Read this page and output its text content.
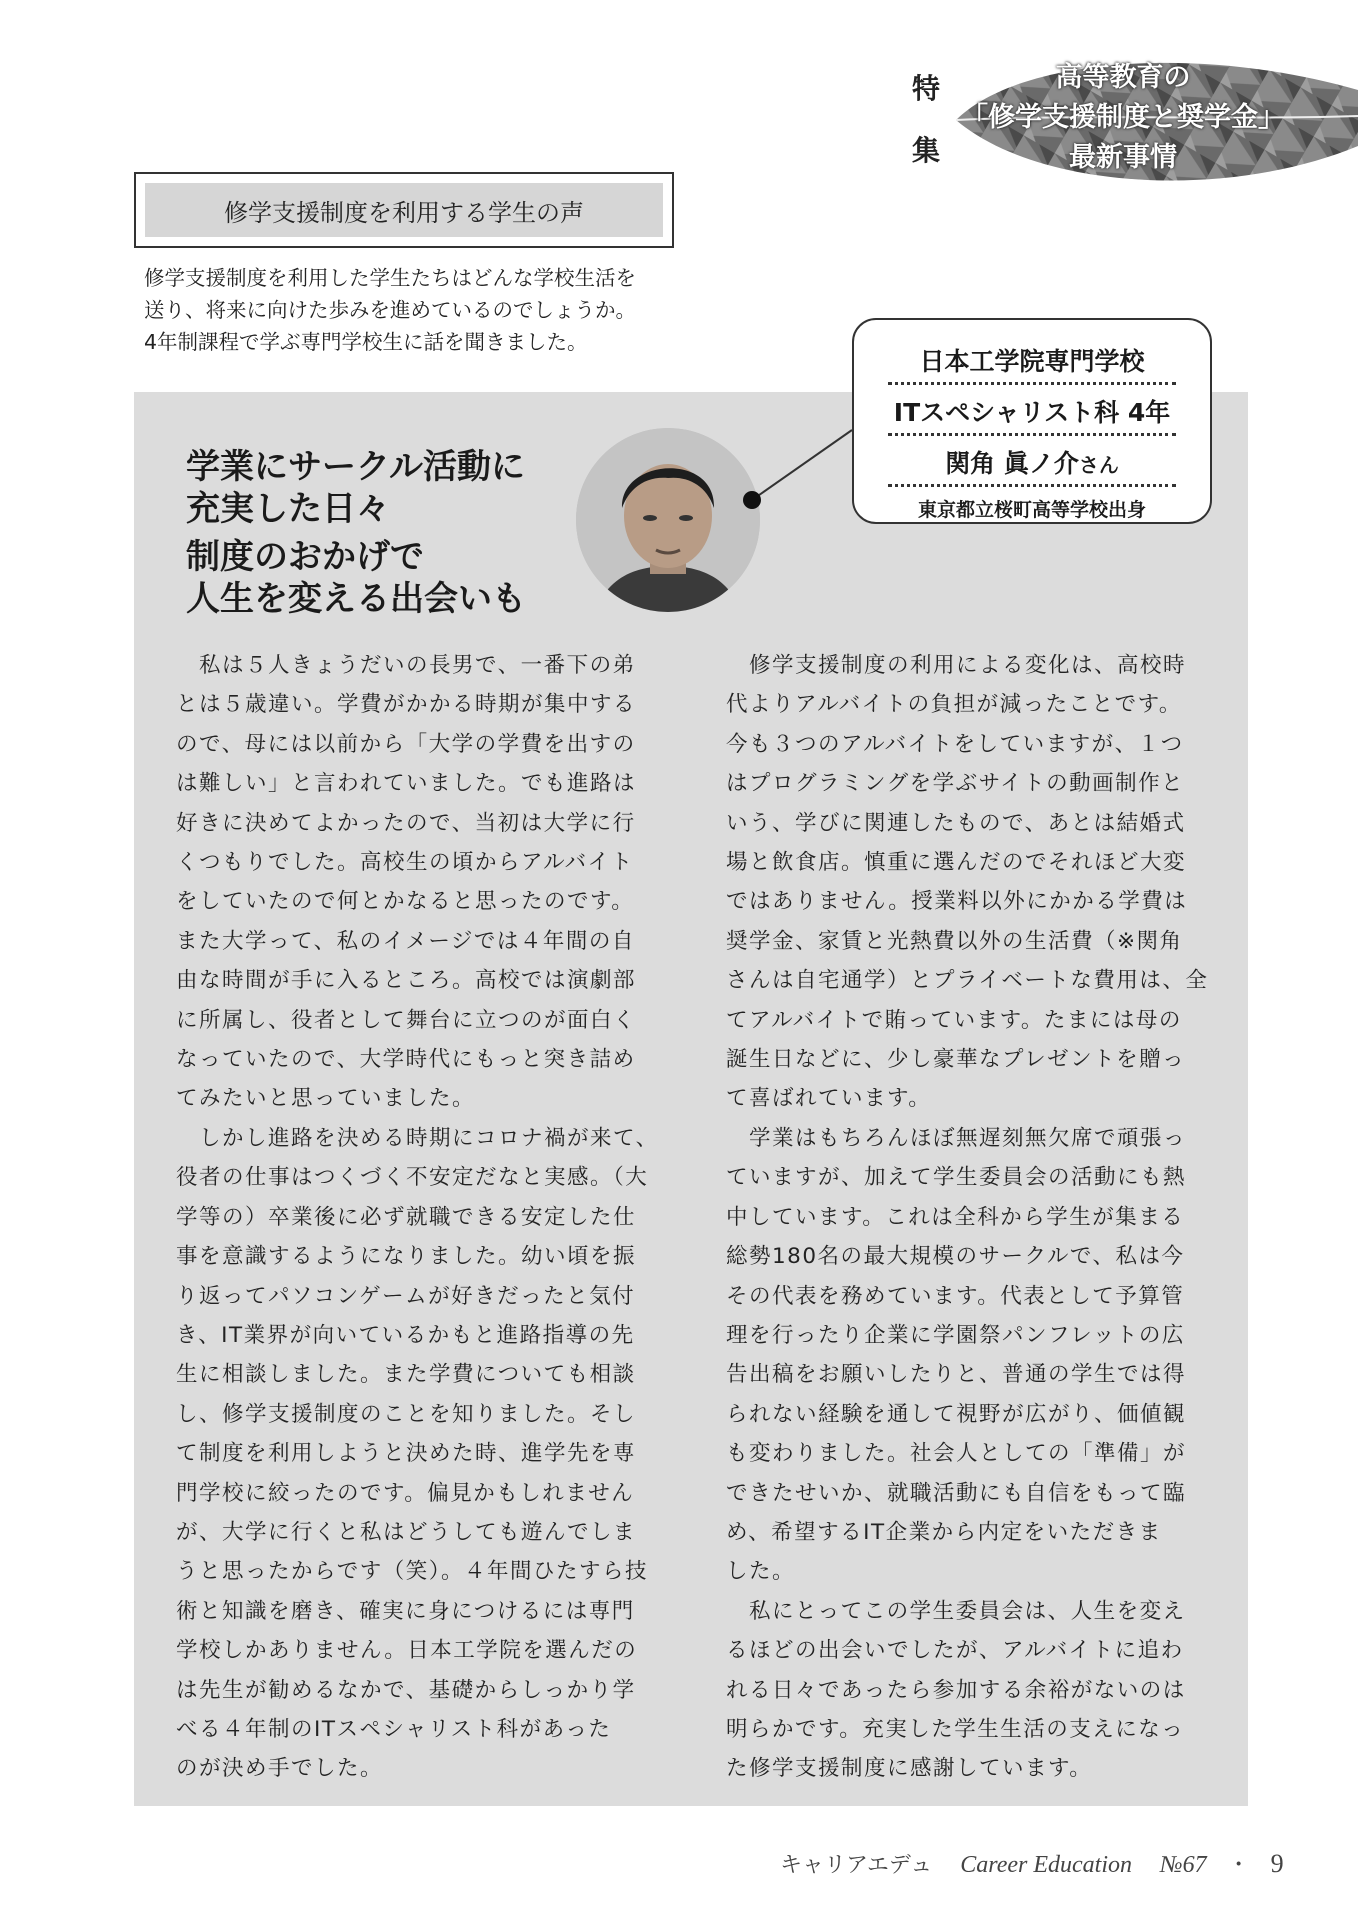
特
集
高等教育の
「修学支援制度と奨学金」
最新事情
修学支援制度を利用する学生の声
修学支援制度を利用した学生たちはどんな学校生活を
送り、将来に向けた歩みを進めているのでしょうか。
4年制課程で学ぶ専門学校生に話を聞きました。
学業にサークル活動に
充実した日々
制度のおかげで
人生を変える出会いも
日本工学院専門学校
ITスペシャリスト科 4年
関角 眞ノ介さん
東京都立桜町高等学校出身
　私は５人きょうだいの長男で、一番下の弟
とは５歳違い。学費がかかる時期が集中する
ので、母には以前から「大学の学費を出すの
は難しい」と言われていました。でも進路は
好きに決めてよかったので、当初は大学に行
くつもりでした。高校生の頃からアルバイト
をしていたので何とかなると思ったのです。
また大学って、私のイメージでは４年間の自
由な時間が手に入るところ。高校では演劇部
に所属し、役者として舞台に立つのが面白く
なっていたので、大学時代にもっと突き詰め
てみたいと思っていました。
　しかし進路を決める時期にコロナ禍が来て、
役者の仕事はつくづく不安定だなと実感。（大
学等の）卒業後に必ず就職できる安定した仕
事を意識するようになりました。幼い頃を振
り返ってパソコンゲームが好きだったと気付
き、IT業界が向いているかもと進路指導の先
生に相談しました。また学費についても相談
し、修学支援制度のことを知りました。そし
て制度を利用しようと決めた時、進学先を専
門学校に絞ったのです。偏見かもしれません
が、大学に行くと私はどうしても遊んでしま
うと思ったからです（笑）。４年間ひたすら技
術と知識を磨き、確実に身につけるには専門
学校しかありません。日本工学院を選んだの
は先生が勧めるなかで、基礎からしっかり学
べる４年制のITスペシャリスト科があった
のが決め手でした。
　修学支援制度の利用による変化は、高校時
代よりアルバイトの負担が減ったことです。
今も３つのアルバイトをしていますが、１つ
はプログラミングを学ぶサイトの動画制作と
いう、学びに関連したもので、あとは結婚式
場と飲食店。慎重に選んだのでそれほど大変
ではありません。授業料以外にかかる学費は
奨学金、家賃と光熱費以外の生活費（※関角
さんは自宅通学）とプライベートな費用は、全
てアルバイトで賄っています。たまには母の
誕生日などに、少し豪華なプレゼントを贈っ
て喜ばれています。
　学業はもちろんほぼ無遅刻無欠席で頑張っ
ていますが、加えて学生委員会の活動にも熱
中しています。これは全科から学生が集まる
総勢180名の最大規模のサークルで、私は今
その代表を務めています。代表として予算管
理を行ったり企業に学園祭パンフレットの広
告出稿をお願いしたりと、普通の学生では得
られない経験を通して視野が広がり、価値観
も変わりました。社会人としての「準備」が
できたせいか、就職活動にも自信をもって臨
め、希望するIT企業から内定をいただきま
した。
　私にとってこの学生委員会は、人生を変え
るほどの出会いでしたが、アルバイトに追わ
れる日々であったら参加する余裕がないのは
明らかです。充実した学生生活の支えになっ
た修学支援制度に感謝しています。
キャリアエデュ Career Education №67 ・ 9
